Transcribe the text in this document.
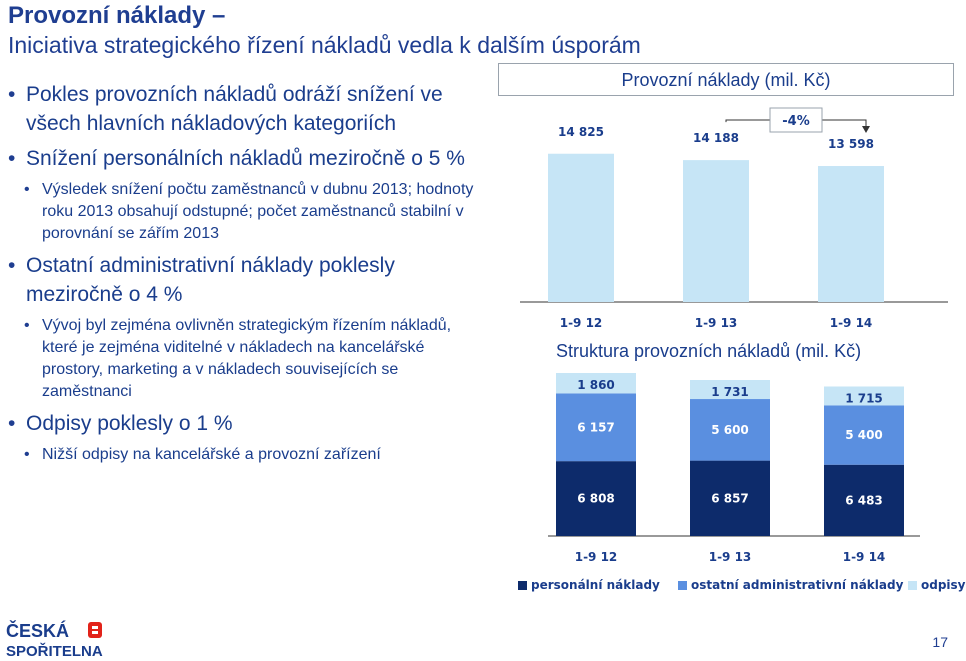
Provozní náklady –
Iniciativa strategického řízení nákladů vedla k dalším úsporám
• Pokles provozních nákladů odráží snížení ve všech hlavních nákladových kategoriích
• Snížení personálních nákladů meziročně o 5 %
• Výsledek snížení počtu zaměstnanců v dubnu 2013; hodnoty roku 2013 obsahují odstupné; počet zaměstnanců stabilní v porovnání se zářím 2013
• Ostatní administrativní náklady poklesly meziročně o 4 %
• Vývoj byl zejména ovlivněn strategickým řízením nákladů, které je zejména viditelné v nákladech na kancelářské prostory, marketing a v nákladech souvisejících se zaměstnanci
• Odpisy poklesly o 1 %
• Nižší odpisy na kancelářské a provozní zařízení
Provozní náklady (mil. Kč)
Struktura provozních nákladů (mil. Kč)
14 825
1-9 12
14 188
1-9 13
13 598
1-9 14
-4%
6 808
6 157
1 860
1-9 12
6 857
5 600
1 731
1-9 13
6 483
5 400
1 715
1-9 14
personální náklady	ostatní administrativní náklady	odpisy
ČESKÁ
SPOŘITELNA
17
